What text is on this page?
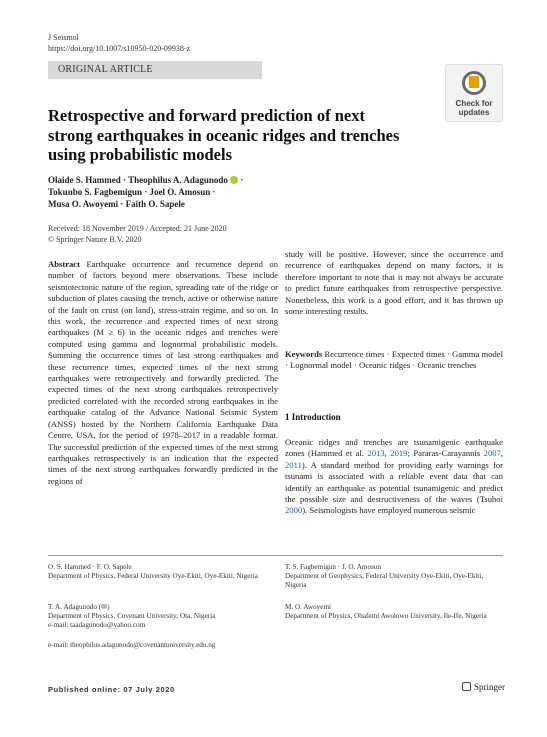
J Seismol
https://doi.org/10.1007/s10950-020-09938-z
ORIGINAL ARTICLE
Check for
updates
Retrospective and forward prediction of next strong earthquakes in oceanic ridges and trenches using probabilistic models
Olaide S. Hammed · Theophilus A. Adagunodo  ·
Tokunbo S. Fagbemigun · Joel O. Amosun ·
Musa O. Awoyemi · Faith O. Sapele
Received: 18 November 2019 / Accepted: 21 June 2020
© Springer Nature B.V. 2020
Abstract Earthquake occurrence and recurrence depend on number of factors beyond mere observations. These include seismotectonic nature of the region, spreading rate of the ridge or subduction of plates causing the trench, active or otherwise nature of the fault on crust (on land), stress-strain regime, and so on. In this work, the recurrence and expected times of next strong earthquakes (M ≥ 6) in the oceanic ridges and trenches were computed using gamma and lognormal probabilistic models. Summing the occurrence times of last strong earthquakes and these recurrence times, expected times of the next strong earthquakes were retrospectively and forwardly predicted. The expected times of the next strong earthquakes retrospectively predicted correlated with the recorded strong earthquakes in the earthquake catalog of the Advance National Seismic System (ANSS) hosted by the Northern California Earthquake Data Centre, USA, for the period of 1978–2017 in a readable format. The successful prediction of the expected times of the next strong earthquakes retrospectively is an indication that the expected times of the next strong earthquakes forwardly predicted in the regions of
study will be positive. However, since the occurrence and recurrence of earthquakes depend on many factors, it is therefore important to note that it may not always be accurate to predict future earthquakes from retrospective perspective. Nonetheless, this work is a good effort, and it has thrown up some interesting results.
Keywords Recurrence times · Expected times · Gamma model · Lognormal model · Oceanic ridges · Oceanic trenches
1 Introduction
Oceanic ridges and trenches are tsunamigenic earthquake zones (Hammed et al. 2013, 2019; Pararas-Carayannis 2007, 2011). A standard method for providing early warnings for tsunami is associated with a reliable event data that can identify an earthquake as potential tsunamigenic and predict the possible size and destructiveness of the waves (Tsuboi 2000). Seismologists have employed numerous seismic
O. S. Hammed · F. O. Sapele
Department of Physics, Federal University Oye-Ekiti, Oye-Ekiti, Nigeria
T. A. Adagunodo (✉)
Department of Physics, Covenant University, Ota, Nigeria
e-mail: taadagunodo@yahoo.com
e-mail: theophilus.adagunodo@covenantuniversity.edu.ng
T. S. Fagbemigun · J. O. Amosun
Department of Geophysics, Federal University Oye-Ekiti, Oye-Ekiti, Nigeria
M. O. Awoyemi
Department of Physics, Obafemi Awolowo University, Ile-Ife, Nigeria
Published online: 07 July 2020	Springer
